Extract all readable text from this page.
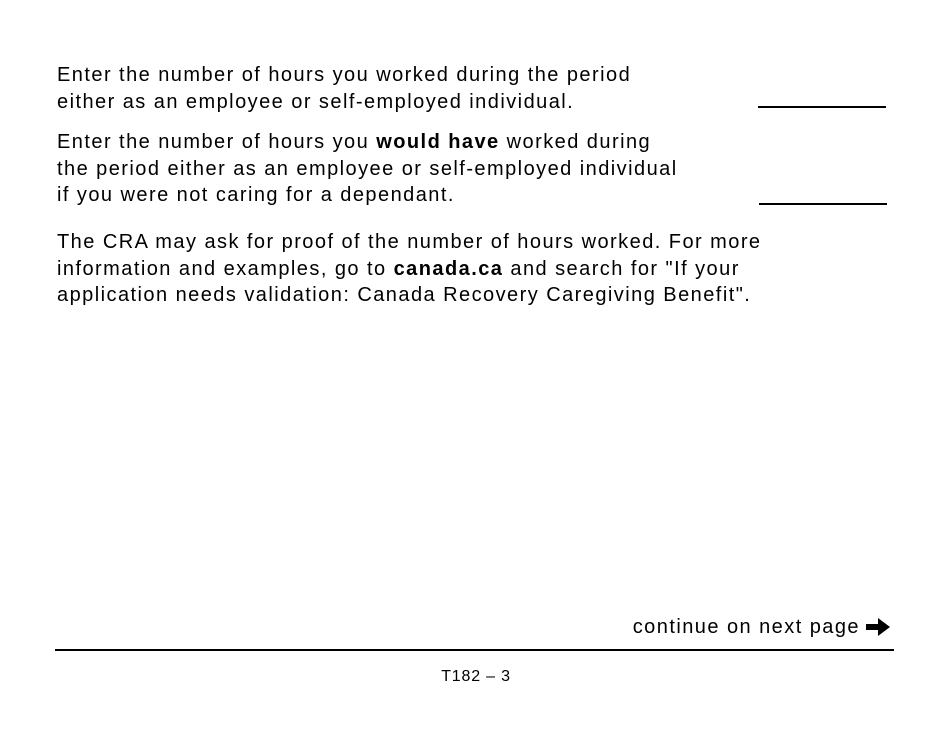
Enter the number of hours you worked during the period
either as an employee or self-employed individual.
Enter the number of hours you would have worked during
the period either as an employee or self-employed individual
if you were not caring for a dependant.
The CRA may ask for proof of the number of hours worked. For more
information and examples, go to canada.ca and search for "If your
application needs validation: Canada Recovery Caregiving Benefit".
continue on next page
T182 – 3
